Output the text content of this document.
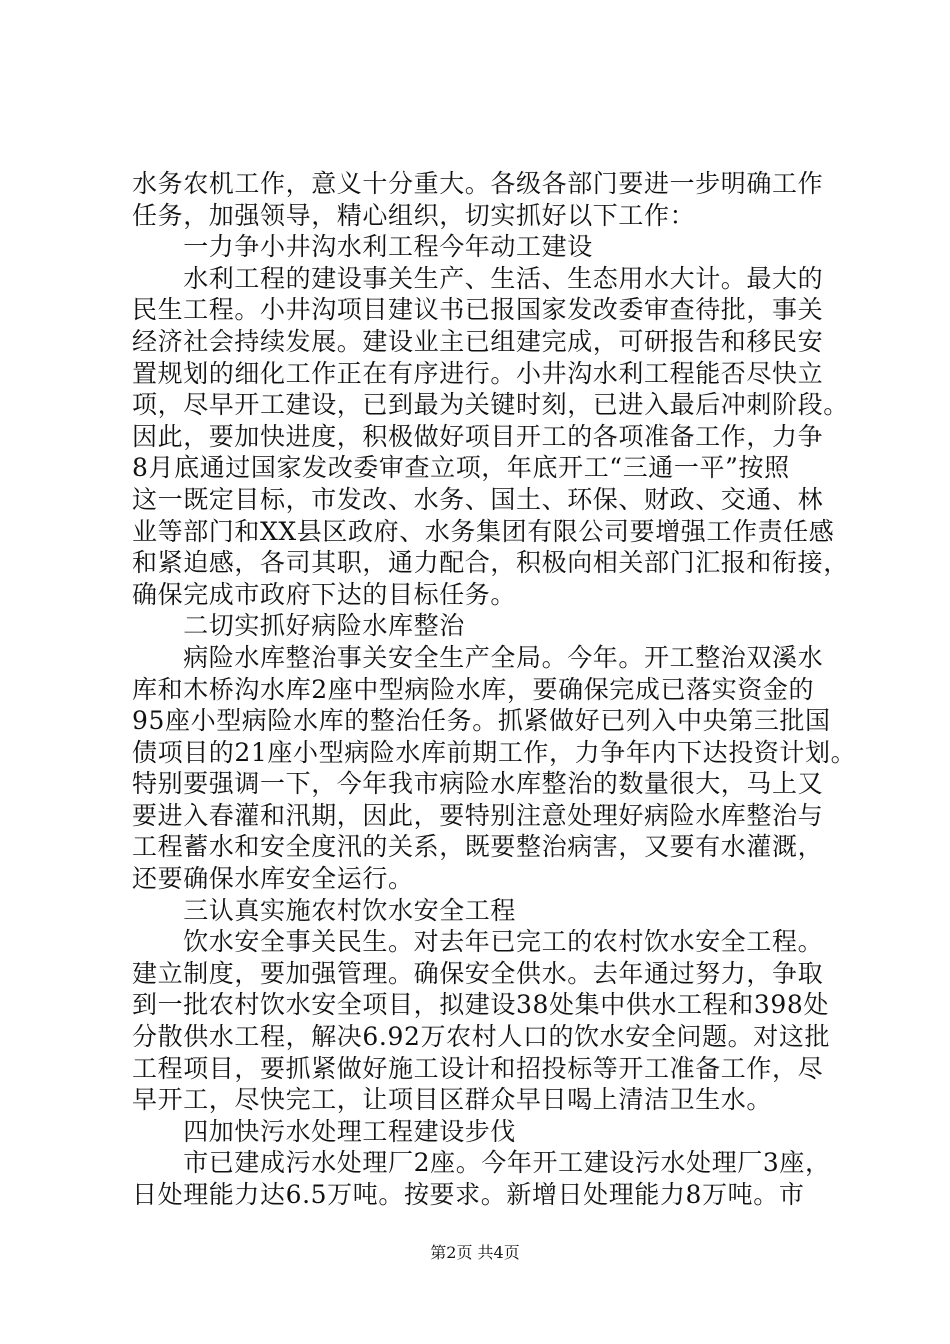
水务农机工作，意义十分重大。各级各部门要进一步明确工作
任务，加强领导，精心组织，切实抓好以下工作：
　　一力争小井沟水利工程今年动工建设
　　水利工程的建设事关生产、生活、生态用水大计。最大的
民生工程。小井沟项目建议书已报国家发改委审查待批，事关
经济社会持续发展。建设业主已组建完成，可研报告和移民安
置规划的细化工作正在有序进行。小井沟水利工程能否尽快立
项，尽早开工建设，已到最为关键时刻，已进入最后冲刺阶段。
因此，要加快进度，积极做好项目开工的各项准备工作，力争
8月底通过国家发改委审查立项，年底开工“三通一平”按照
这一既定目标，市发改、水务、国土、环保、财政、交通、林
业等部门和XX县区政府、水务集团有限公司要增强工作责任感
和紧迫感，各司其职，通力配合，积极向相关部门汇报和衔接，
确保完成市政府下达的目标任务。
　　二切实抓好病险水库整治
　　病险水库整治事关安全生产全局。今年。开工整治双溪水
库和木桥沟水库2座中型病险水库，要确保完成已落实资金的
95座小型病险水库的整治任务。抓紧做好已列入中央第三批国
债项目的21座小型病险水库前期工作，力争年内下达投资计划。
特别要强调一下，今年我市病险水库整治的数量很大，马上又
要进入春灌和汛期，因此，要特别注意处理好病险水库整治与
工程蓄水和安全度汛的关系，既要整治病害，又要有水灌溉，
还要确保水库安全运行。
　　三认真实施农村饮水安全工程
　　饮水安全事关民生。对去年已完工的农村饮水安全工程。
建立制度，要加强管理。确保安全供水。去年通过努力，争取
到一批农村饮水安全项目，拟建设38处集中供水工程和398处
分散供水工程，解决6.92万农村人口的饮水安全问题。对这批
工程项目，要抓紧做好施工设计和招投标等开工准备工作，尽
早开工，尽快完工，让项目区群众早日喝上清洁卫生水。
　　四加快污水处理工程建设步伐
　　市已建成污水处理厂2座。今年开工建设污水处理厂3座，
日处理能力达6.5万吨。按要求。新增日处理能力8万吨。市
第2页 共4页
